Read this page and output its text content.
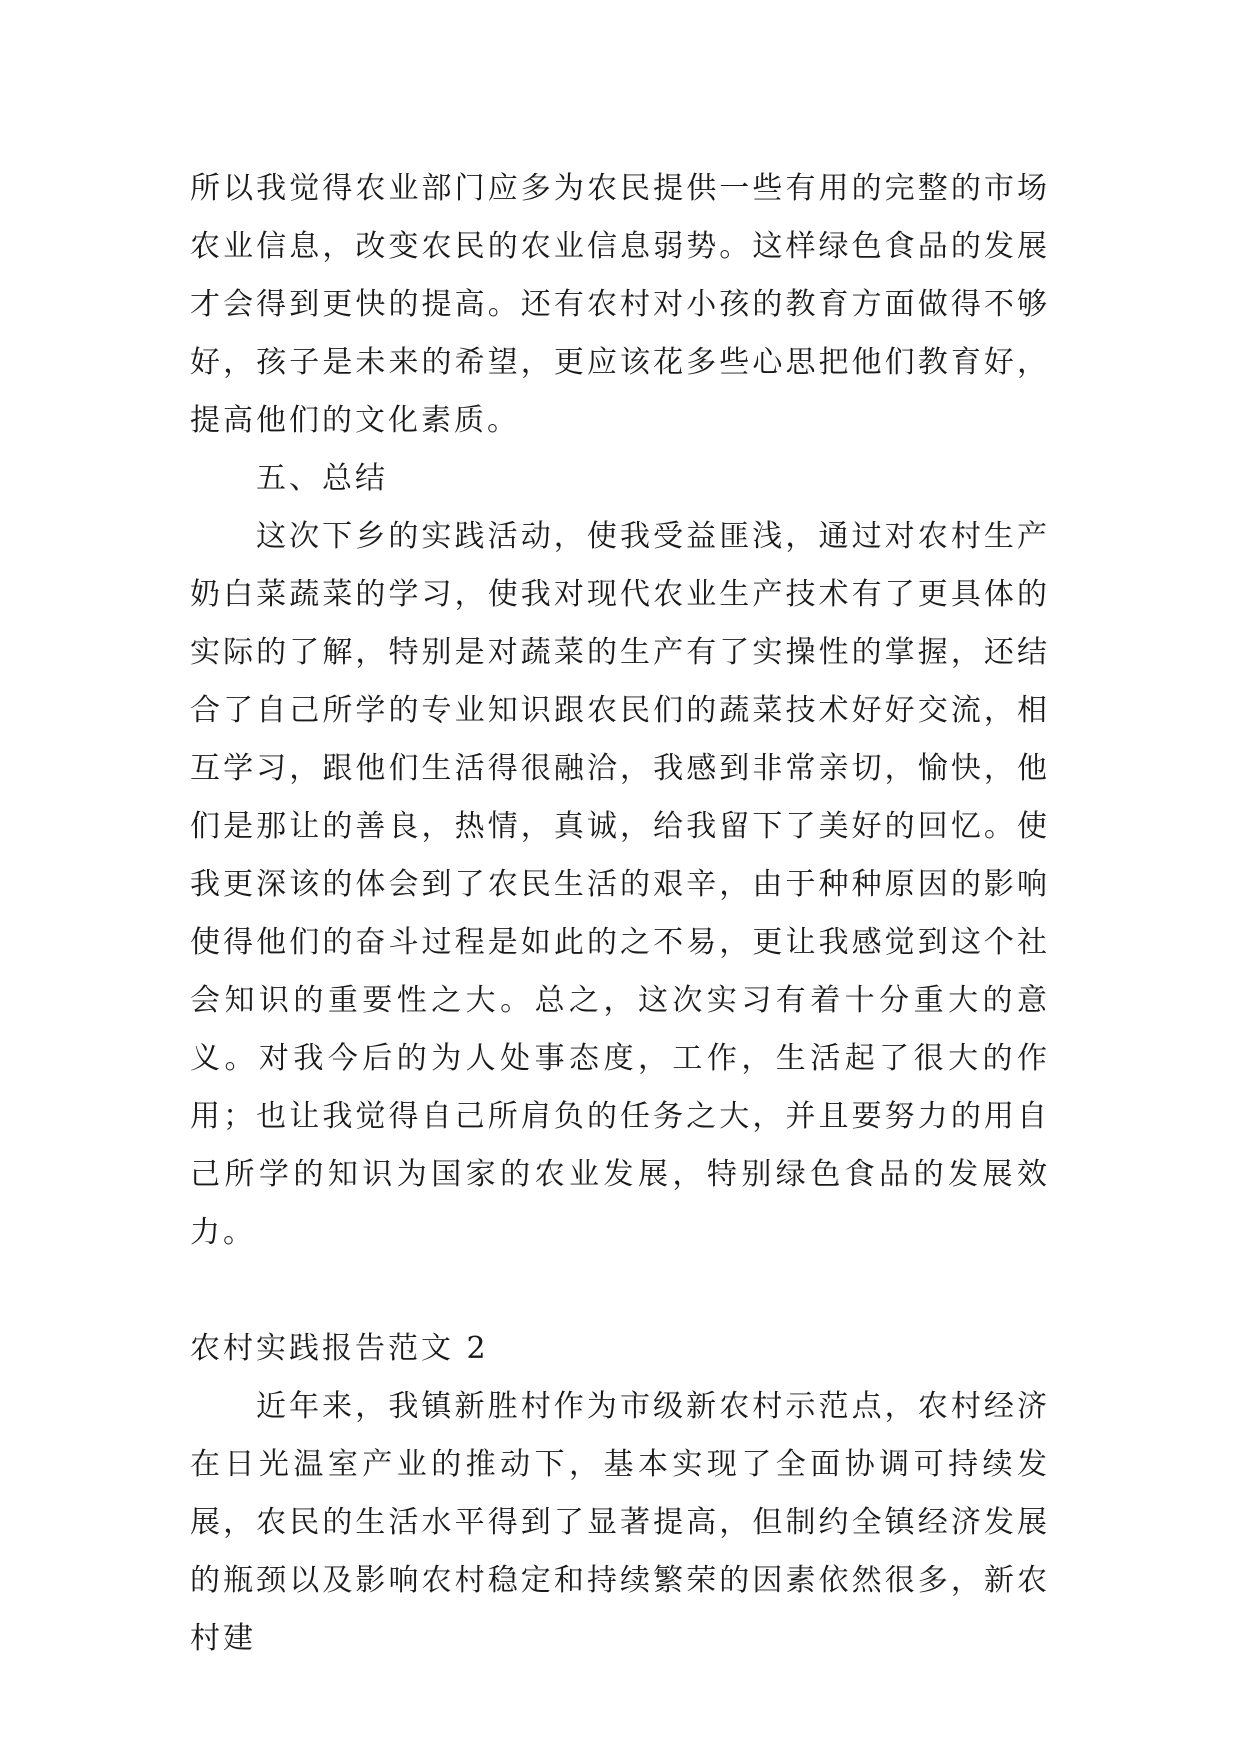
所以我觉得农业部门应多为农民提供一些有用的完整的市场农业信息，改变农民的农业信息弱势。这样绿色食品的发展才会得到更快的提高。还有农村对小孩的教育方面做得不够好，孩子是未来的希望，更应该花多些心思把他们教育好，提高他们的文化素质。

五、总结

这次下乡的实践活动，使我受益匪浅，通过对农村生产奶白菜蔬菜的学习，使我对现代农业生产技术有了更具体的实际的了解，特别是对蔬菜的生产有了实操性的掌握，还结合了自己所学的专业知识跟农民们的蔬菜技术好好交流，相互学习，跟他们生活得很融洽，我感到非常亲切，愉快，他们是那让的善良，热情，真诚，给我留下了美好的回忆。使我更深该的体会到了农民生活的艰辛，由于种种原因的影响使得他们的奋斗过程是如此的之不易，更让我感觉到这个社会知识的重要性之大。总之，这次实习有着十分重大的意义。对我今后的为人处事态度，工作，生活起了很大的作用；也让我觉得自己所肩负的任务之大，并且要努力的用自己所学的知识为国家的农业发展，特别绿色食品的发展效力。

农村实践报告范文 2

近年来，我镇新胜村作为市级新农村示范点，农村经济在日光温室产业的推动下，基本实现了全面协调可持续发展，农民的生活水平得到了显著提高，但制约全镇经济发展的瓶颈以及影响农村稳定和持续繁荣的因素依然很多，新农村建
